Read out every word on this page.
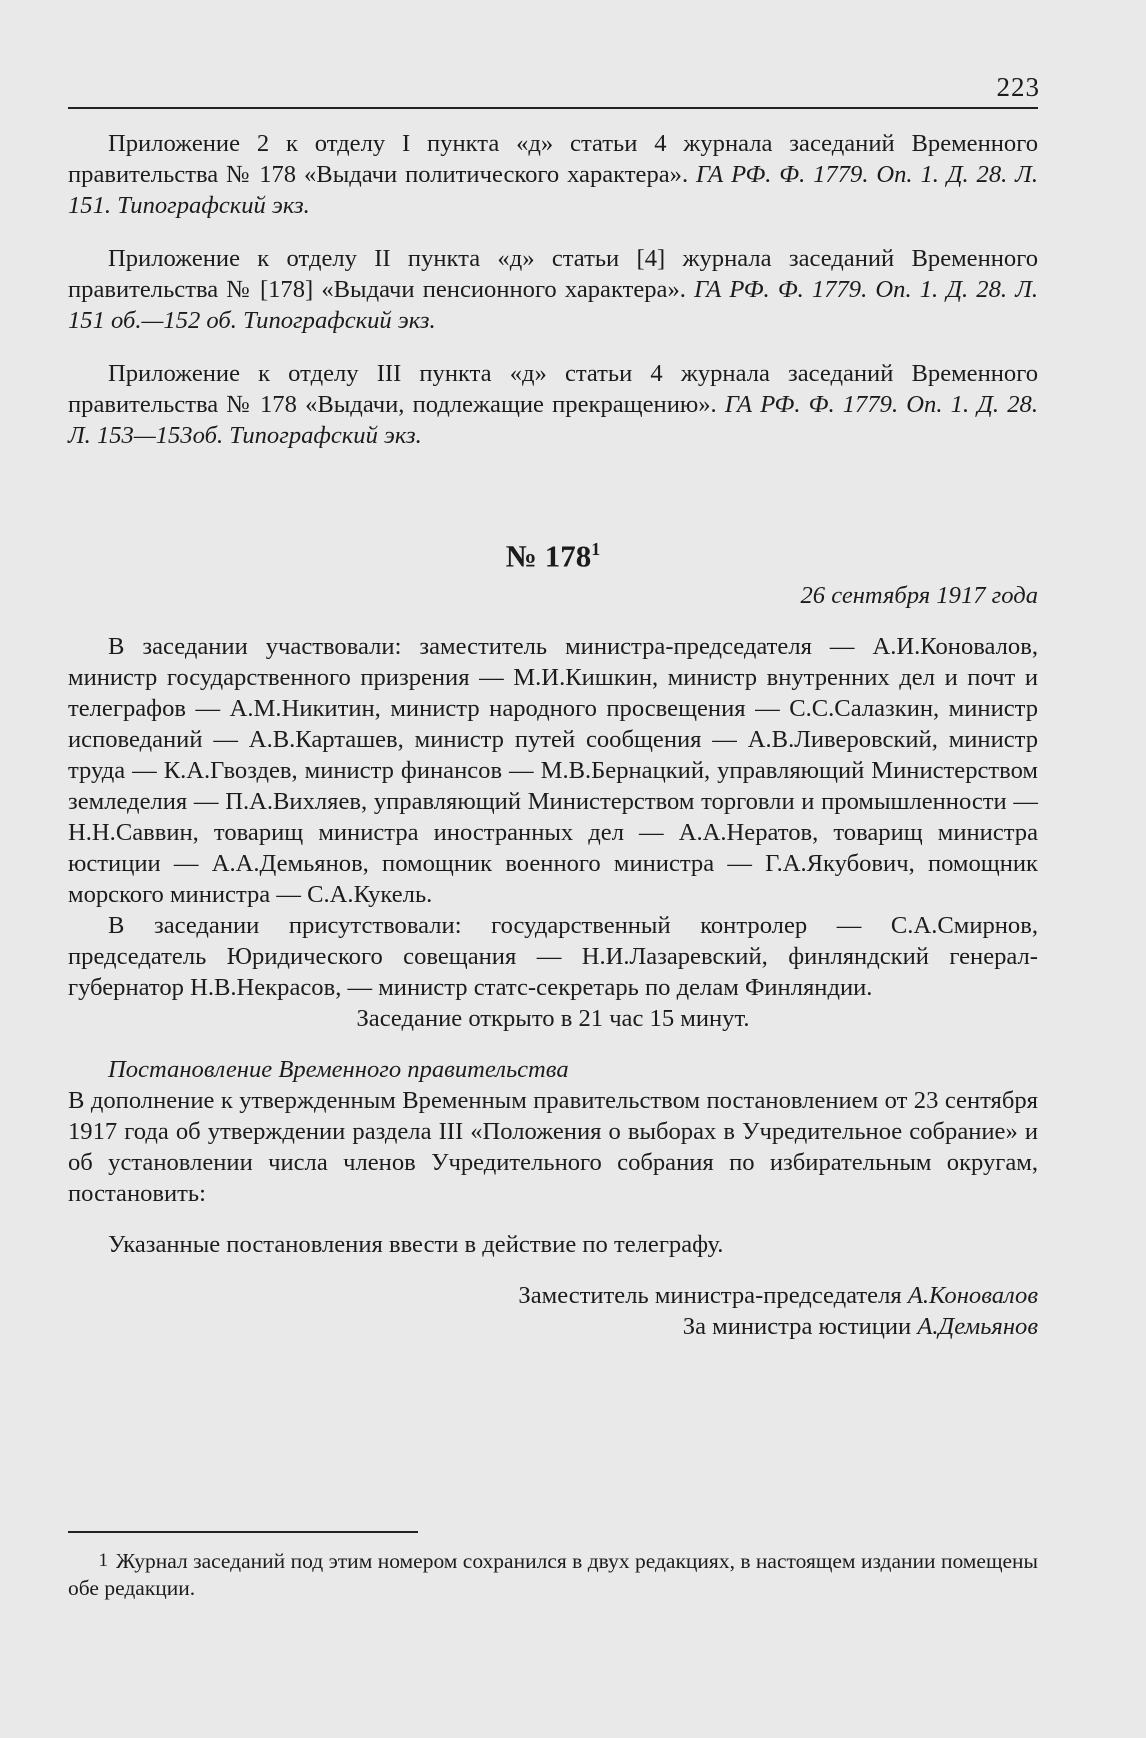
223

Приложение 2 к отделу I пункта «д» статьи 4 журнала заседаний Временного правительства № 178 «Выдачи политического характера». ГА РФ. Ф. 1779. Оп. 1. Д. 28. Л. 151. Типографский экз.

Приложение к отделу II пункта «д» статьи [4] журнала заседаний Временного правительства № [178] «Выдачи пенсионного характера». ГА РФ. Ф. 1779. Оп. 1. Д. 28. Л. 151 об.—152 об. Типографский экз.

Приложение к отделу III пункта «д» статьи 4 журнала заседаний Временного правительства № 178 «Выдачи, подлежащие прекращению». ГА РФ. Ф. 1779. Оп. 1. Д. 28. Л. 153—153об. Типографский экз.

№ $178^1$

26 сентября 1917 года

В заседании участвовали: заместитель министра-председателя — А.И.Коновалов, министр государственного призрения — М.И.Кишкин, министр внутренних дел и почт и телеграфов — А.М.Никитин, министр народного просвещения — С.С.Салазкин, министр исповеданий — А.В.Карташев, министр путей сообщения — А.В.Ливеровский, министр труда — К.А.Гвоздев, министр финансов — М.В.Бернацкий, управляющий Министерством земледелия — П.А.Вихляев, управляющий Министерством торговли и промышленности — Н.Н.Саввин, товарищ министра иностранных дел — А.А.Нератов, товарищ министра юстиции — А.А.Демьянов, помощник военного министра — Г.А.Якубович, помощник морского министра — С.А.Кукель.

В заседании присутствовали: государственный контролер — С.А.Смирнов, председатель Юридического совещания — Н.И.Лазаревский, финляндский генерал-губернатор Н.В.Некрасов, — министр статс-секретарь по делам Финляндии.

Заседание открыто в 21 час 15 минут.

Постановление Временного правительства

В дополнение к утвержденным Временным правительством постановлением от 23 сентября 1917 года об утверждении раздела III «Положения о выборах в Учредительное собрание» и об установлении числа членов Учредительного собрания по избирательным округам, постановить:

Указанные постановления ввести в действие по телеграфу.

Заместитель министра-председателя А.Коновалов

За министра юстиции А.Демьянов

1 Журнал заседаний под этим номером сохранился в двух редакциях, в настоящем издании помещены обе редакции.
